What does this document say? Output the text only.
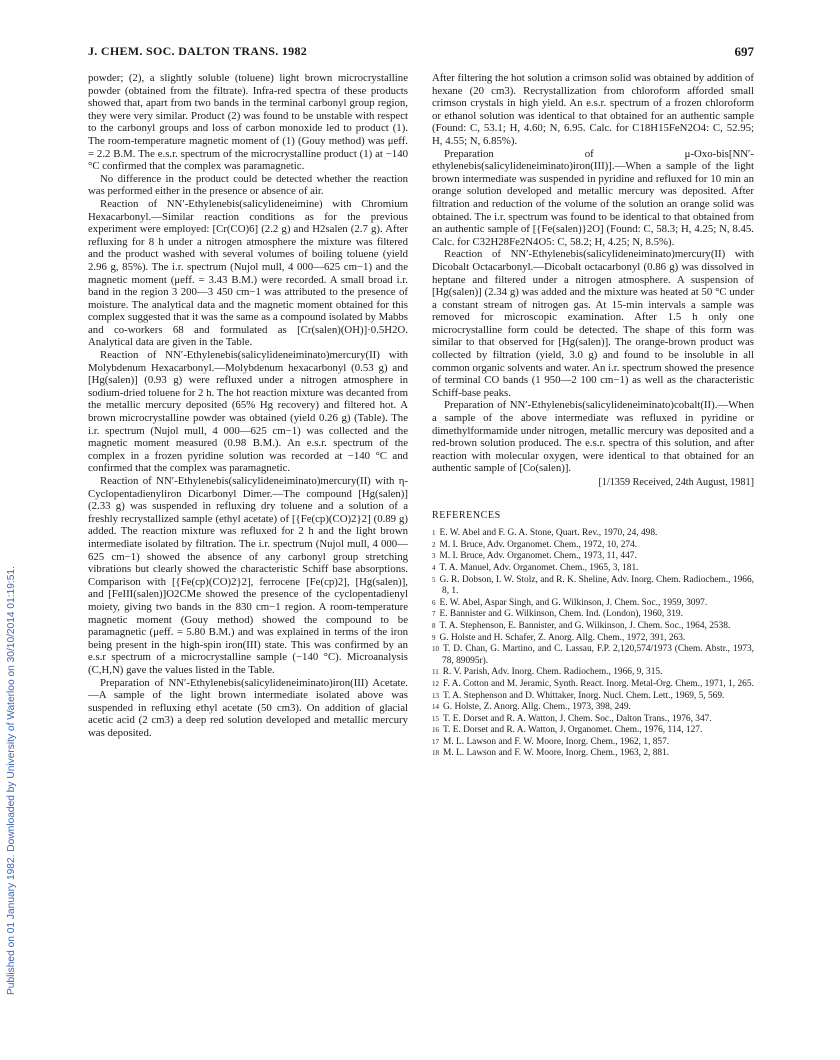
J. CHEM. SOC. DALTON TRANS. 1982	697
Published on 01 January 1982. Downloaded by University of Waterloo on 30/10/2014 01:19:51.

powder; (2), a slightly soluble (toluene) light brown microcrystalline powder (obtained from the filtrate). Infra-red spectra of these products showed that, apart from two bands in the terminal carbonyl group region, they were very similar. Product (2) was found to be unstable with respect to the carbonyl groups and loss of carbon monoxide led to product (1). The room-temperature magnetic moment of (1) (Gouy method) was μeff. = 2.2 B.M. The e.s.r. spectrum of the microcrystalline product (1) at −140 °C confirmed that the complex was paramagnetic.

No difference in the product could be detected whether the reaction was performed either in the presence or absence of air.

Reaction of NN′-Ethylenebis(salicylideneimine) with Chromium Hexacarbonyl.—Similar reaction conditions as for the previous experiment were employed: [Cr(CO)6] (2.2 g) and H2salen (2.7 g). After refluxing for 8 h under a nitrogen atmosphere the mixture was filtered and the product washed with several volumes of boiling toluene (yield 2.96 g, 85%). The i.r. spectrum (Nujol mull, 4 000—625 cm−1) and the magnetic moment (μeff. = 3.43 B.M.) were recorded. A small broad i.r. band in the region 3 200—3 450 cm−1 was attributed to the presence of moisture. The analytical data and the magnetic moment obtained for this complex suggested that it was the same as a compound isolated by Mabbs and co-workers 68 and formulated as [Cr(salen)(OH)]·0.5H2O. Analytical data are given in the Table.

Reaction of NN′-Ethylenebis(salicylideneiminato)mercury(II) with Molybdenum Hexacarbonyl.—Molybdenum hexacarbonyl (0.53 g) and [Hg(salen)] (0.93 g) were refluxed under a nitrogen atmosphere in sodium-dried toluene for 2 h. The hot reaction mixture was decanted from the metallic mercury deposited (65% Hg recovery) and filtered hot. A brown microcrystalline powder was obtained (yield 0.26 g) (Table). The i.r. spectrum (Nujol mull, 4 000—625 cm−1) was collected and the magnetic moment measured (0.98 B.M.). An e.s.r. spectrum of the complex in a frozen pyridine solution was recorded at −140 °C and confirmed that the complex was paramagnetic.

Reaction of NN′-Ethylenebis(salicylideneiminato)mercury(II) with η-Cyclopentadienyliron Dicarbonyl Dimer.—The compound [Hg(salen)] (2.33 g) was suspended in refluxing dry toluene and a solution of a freshly recrystallized sample (ethyl acetate) of [{Fe(cp)(CO)2}2] (0.89 g) added. The reaction mixture was refluxed for 2 h and the light brown intermediate isolated by filtration. The i.r. spectrum (Nujol mull, 4 000—625 cm−1) showed the absence of any carbonyl group stretching vibrations but clearly showed the characteristic Schiff base absorptions. Comparison with [{Fe(cp)(CO)2}2], ferrocene [Fe(cp)2], [Hg(salen)], and [FeIII(salen)]O2CMe showed the presence of the cyclopentadienyl moiety, giving two bands in the 830 cm−1 region. A room-temperature magnetic moment (Gouy method) showed the compound to be paramagnetic (μeff. = 5.80 B.M.) and was explained in terms of the iron being present in the high-spin iron(III) state. This was confirmed by an e.s.r spectrum of a microcrystalline sample (−140 °C). Microanalysis (C,H,N) gave the values listed in the Table.

Preparation of NN′-Ethylenebis(salicylideneiminato)iron(III) Acetate.—A sample of the light brown intermediate isolated above was suspended in refluxing ethyl acetate (50 cm3). On addition of glacial acetic acid (2 cm3) a deep red solution developed and metallic mercury was deposited.

After filtering the hot solution a crimson solid was obtained by addition of hexane (20 cm3). Recrystallization from chloroform afforded small crimson crystals in high yield. An e.s.r. spectrum of a frozen chloroform or ethanol solution was identical to that obtained for an authentic sample (Found: C, 53.1; H, 4.60; N, 6.95. Calc. for C18H15FeN2O4: C, 52.95; H, 4.55; N, 6.85%).

Preparation of μ-Oxo-bis[NN′-ethylenebis(salicylideneiminato)iron(III)].—When a sample of the light brown intermediate was suspended in pyridine and refluxed for 10 min an orange solution developed and metallic mercury was deposited. After filtration and reduction of the volume of the solution an orange solid was obtained. The i.r. spectrum was found to be identical to that obtained from an authentic sample of [{Fe(salen)}2O] (Found: C, 58.3; H, 4.25; N, 8.45. Calc. for C32H28Fe2N4O5: C, 58.2; H, 4.25; N, 8.5%).

Reaction of NN′-Ethylenebis(salicylideneiminato)mercury(II) with Dicobalt Octacarbonyl.—Dicobalt octacarbonyl (0.86 g) was dissolved in heptane and filtered under a nitrogen atmosphere. A suspension of [Hg(salen)] (2.34 g) was added and the mixture was heated at 50 °C under a constant stream of nitrogen gas. At 15-min intervals a sample was removed for microscopic examination. After 1.5 h only one microcrystalline form could be detected. The shape of this form was similar to that observed for [Hg(salen)]. The orange-brown product was collected by filtration (yield, 3.0 g) and found to be insoluble in all common organic solvents and water. An i.r. spectrum showed the presence of terminal CO bands (1 950—2 100 cm−1) as well as the characteristic Schiff-base peaks.

Preparation of NN′-Ethylenebis(salicylideneiminato)cobalt(II).—When a sample of the above intermediate was refluxed in pyridine or dimethylformamide under nitrogen, metallic mercury was deposited and a red-brown solution produced. The e.s.r. spectra of this solution, and after reaction with molecular oxygen, were identical to that obtained for an authentic sample of [Co(salen)].

[1/1359 Received, 24th August, 1981]
REFERENCES

$^1$ E. W. Abel and F. G. A. Stone, Quart. Rev., 1970, 24, 498.

$^2$ M. I. Bruce, Adv. Organomet. Chem., 1972, 10, 274.

$^3$ M. I. Bruce, Adv. Organomet. Chem., 1973, 11, 447.

$^4$ T. A. Manuel, Adv. Organomet. Chem., 1965, 3, 181.

$^5$ G. R. Dobson, I. W. Stolz, and R. K. Sheline, Adv. Inorg. Chem. Radiochem., 1966, 8, 1.

$^6$ E. W. Abel, Aspar Singh, and G. Wilkinson, J. Chem. Soc., 1959, 3097.

$^7$ E. Bannister and G. Wilkinson, Chem. Ind. (London), 1960, 319.

$^8$ T. A. Stephenson, E. Bannister, and G. Wilkinson, J. Chem. Soc., 1964, 2538.

$^9$ G. Holste and H. Schafer, Z. Anorg. Allg. Chem., 1972, 391, 263.

$^{10}$ T. D. Chan, G. Martino, and C. Lassau, F.P. 2,120,574/1973 (Chem. Abstr., 1973, 78, 89095r).

$^{11}$ R. V. Parish, Adv. Inorg. Chem. Radiochem., 1966, 9, 315.

$^{12}$ F. A. Cotton and M. Jeramic, Synth. React. Inorg. Metal-Org. Chem., 1971, 1, 265.

$^{13}$ T. A. Stephenson and D. Whittaker, Inorg. Nucl. Chem. Lett., 1969, 5, 569.

$^{14}$ G. Holste, Z. Anorg. Allg. Chem., 1973, 398, 249.

$^{15}$ T. E. Dorset and R. A. Watton, J. Chem. Soc., Dalton Trans., 1976, 347.

$^{16}$ T. E. Dorset and R. A. Watton, J. Organomet. Chem., 1976, 114, 127.

$^{17}$ M. L. Lawson and F. W. Moore, Inorg. Chem., 1962, 1, 857.

$^{18}$ M. L. Lawson and F. W. Moore, Inorg. Chem., 1963, 2, 881.
